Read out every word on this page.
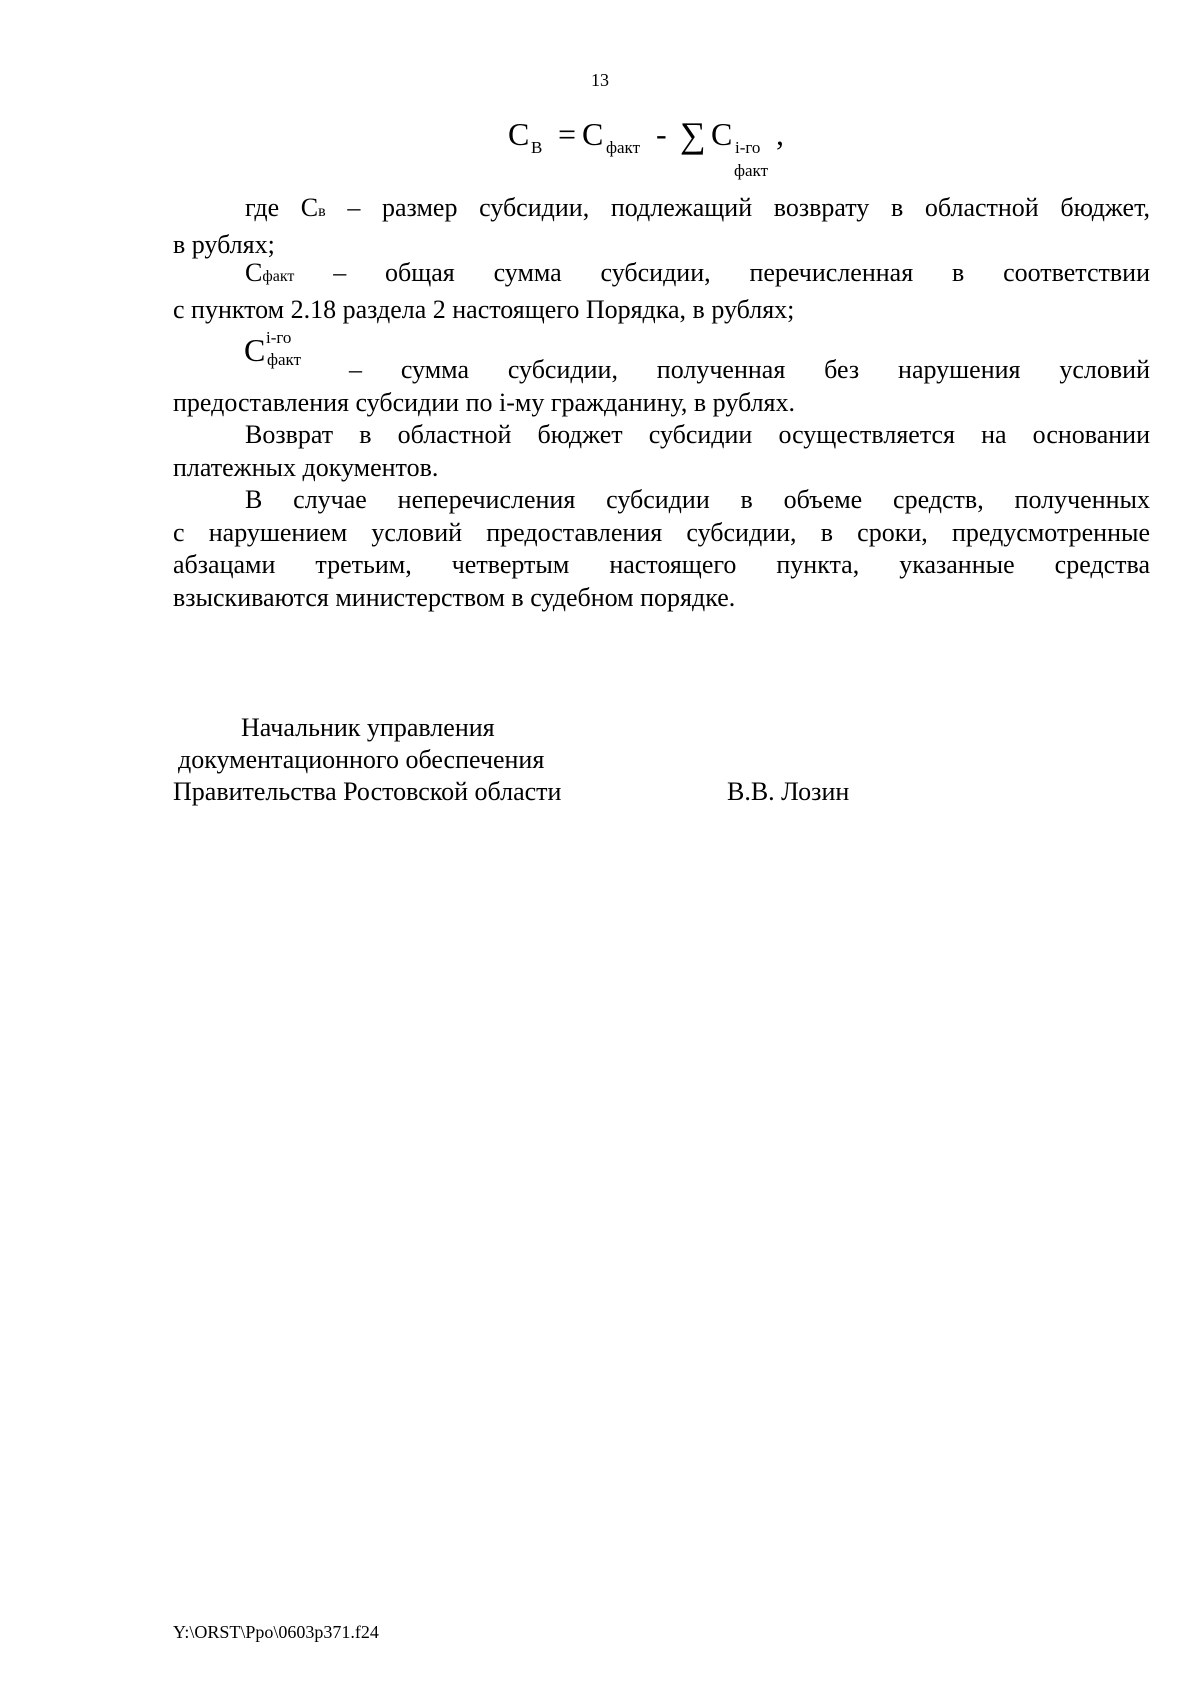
13
C В = C факт - ∑ C i-го
факт
,

где Св – размер субсидии, подлежащий возврату в областной бюджет,

в рублях;

Сфакт – общая сумма субсидии, перечисленная в соответствии

с пунктом 2.18 раздела 2 настоящего Порядка, в рублях;

C i-го
факт	– сумма субсидии, полученная без нарушения условий

предоставления субсидии по i-му гражданину, в рублях.

Возврат в областной бюджет субсидии осуществляется на основании

платежных документов.

В случае неперечисления субсидии в объеме средств, полученных

с нарушением условий предоставления субсидии, в сроки, предусмотренные

абзацами третьим, четвертым настоящего пункта, указанные средства

взыскиваются министерством в судебном порядке.

Начальник управления
документационного обеспечения
Правительства Ростовской области	В.В. Лозин
Y:\ORST\Ppo\0603p371.f24
